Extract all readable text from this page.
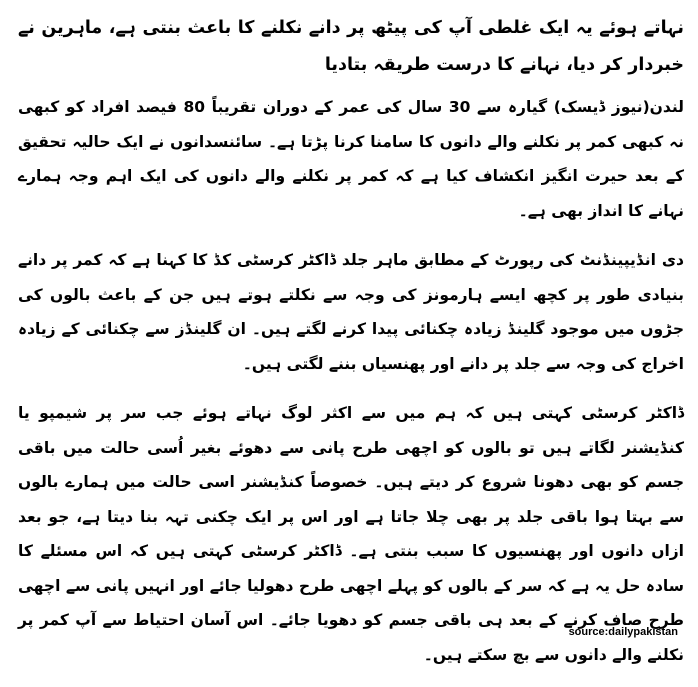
نہاتے ہوئے یہ ایک غلطی آپ کی پیٹھ پر دانے نکلنے کا باعث بنتی ہے، ماہرین نے خبردار کر دیا، نہانے کا درست طریقہ بتادیا

لندن(نیوز ڈیسک) گیارہ سے 30 سال کی عمر کے دوران تقریباً 80 فیصد افراد کو کبھی نہ کبھی کمر پر نکلنے والے دانوں کا سامنا کرنا پڑتا ہے۔ سائنسدانوں نے ایک حالیہ تحقیق کے بعد حیرت انگیز انکشاف کیا ہے کہ کمر پر نکلنے والے دانوں کی ایک اہم وجہ ہمارے نہانے کا انداز بھی ہے۔

دی انڈیپینڈنٹ کی رپورٹ کے مطابق ماہر جلد ڈاکٹر کرسٹی کڈ کا کہنا ہے کہ کمر پر دانے بنیادی طور پر کچھ ایسے ہارمونز کی وجہ سے نکلتے ہوتے ہیں جن کے باعث بالوں کی جڑوں میں موجود گلینڈ زیادہ چکنائی پیدا کرنے لگتے ہیں۔ ان گلینڈز سے چکنائی کے زیادہ اخراج کی وجہ سے جلد پر دانے اور پھنسیاں بننے لگتی ہیں۔

ڈاکٹر کرسٹی کہتی ہیں کہ ہم میں سے اکثر لوگ نہاتے ہوئے جب سر پر شیمپو یا کنڈیشنر لگاتے ہیں تو بالوں کو اچھی طرح پانی سے دھوئے بغیر اُسی حالت میں باقی جسم کو بھی دھونا شروع کر دیتے ہیں۔ خصوصاً کنڈیشنر اسی حالت میں ہمارے بالوں سے بہتا ہوا باقی جلد پر بھی چلا جاتا ہے اور اس پر ایک چکنی تہہ بنا دیتا ہے، جو بعد ازاں دانوں اور پھنسیوں کا سبب بنتی ہے۔ ڈاکٹر کرسٹی کہتی ہیں کہ اس مسئلے کا سادہ حل یہ ہے کہ سر کے بالوں کو پہلے اچھی طرح دھولیا جائے اور انہیں پانی سے اچھی طرح صاف کرنے کے بعد ہی باقی جسم کو دھویا جائے۔ اس آسان احتیاط سے آپ کمر پر نکلنے والے دانوں سے بچ سکتے ہیں۔

source:dailypakistan
